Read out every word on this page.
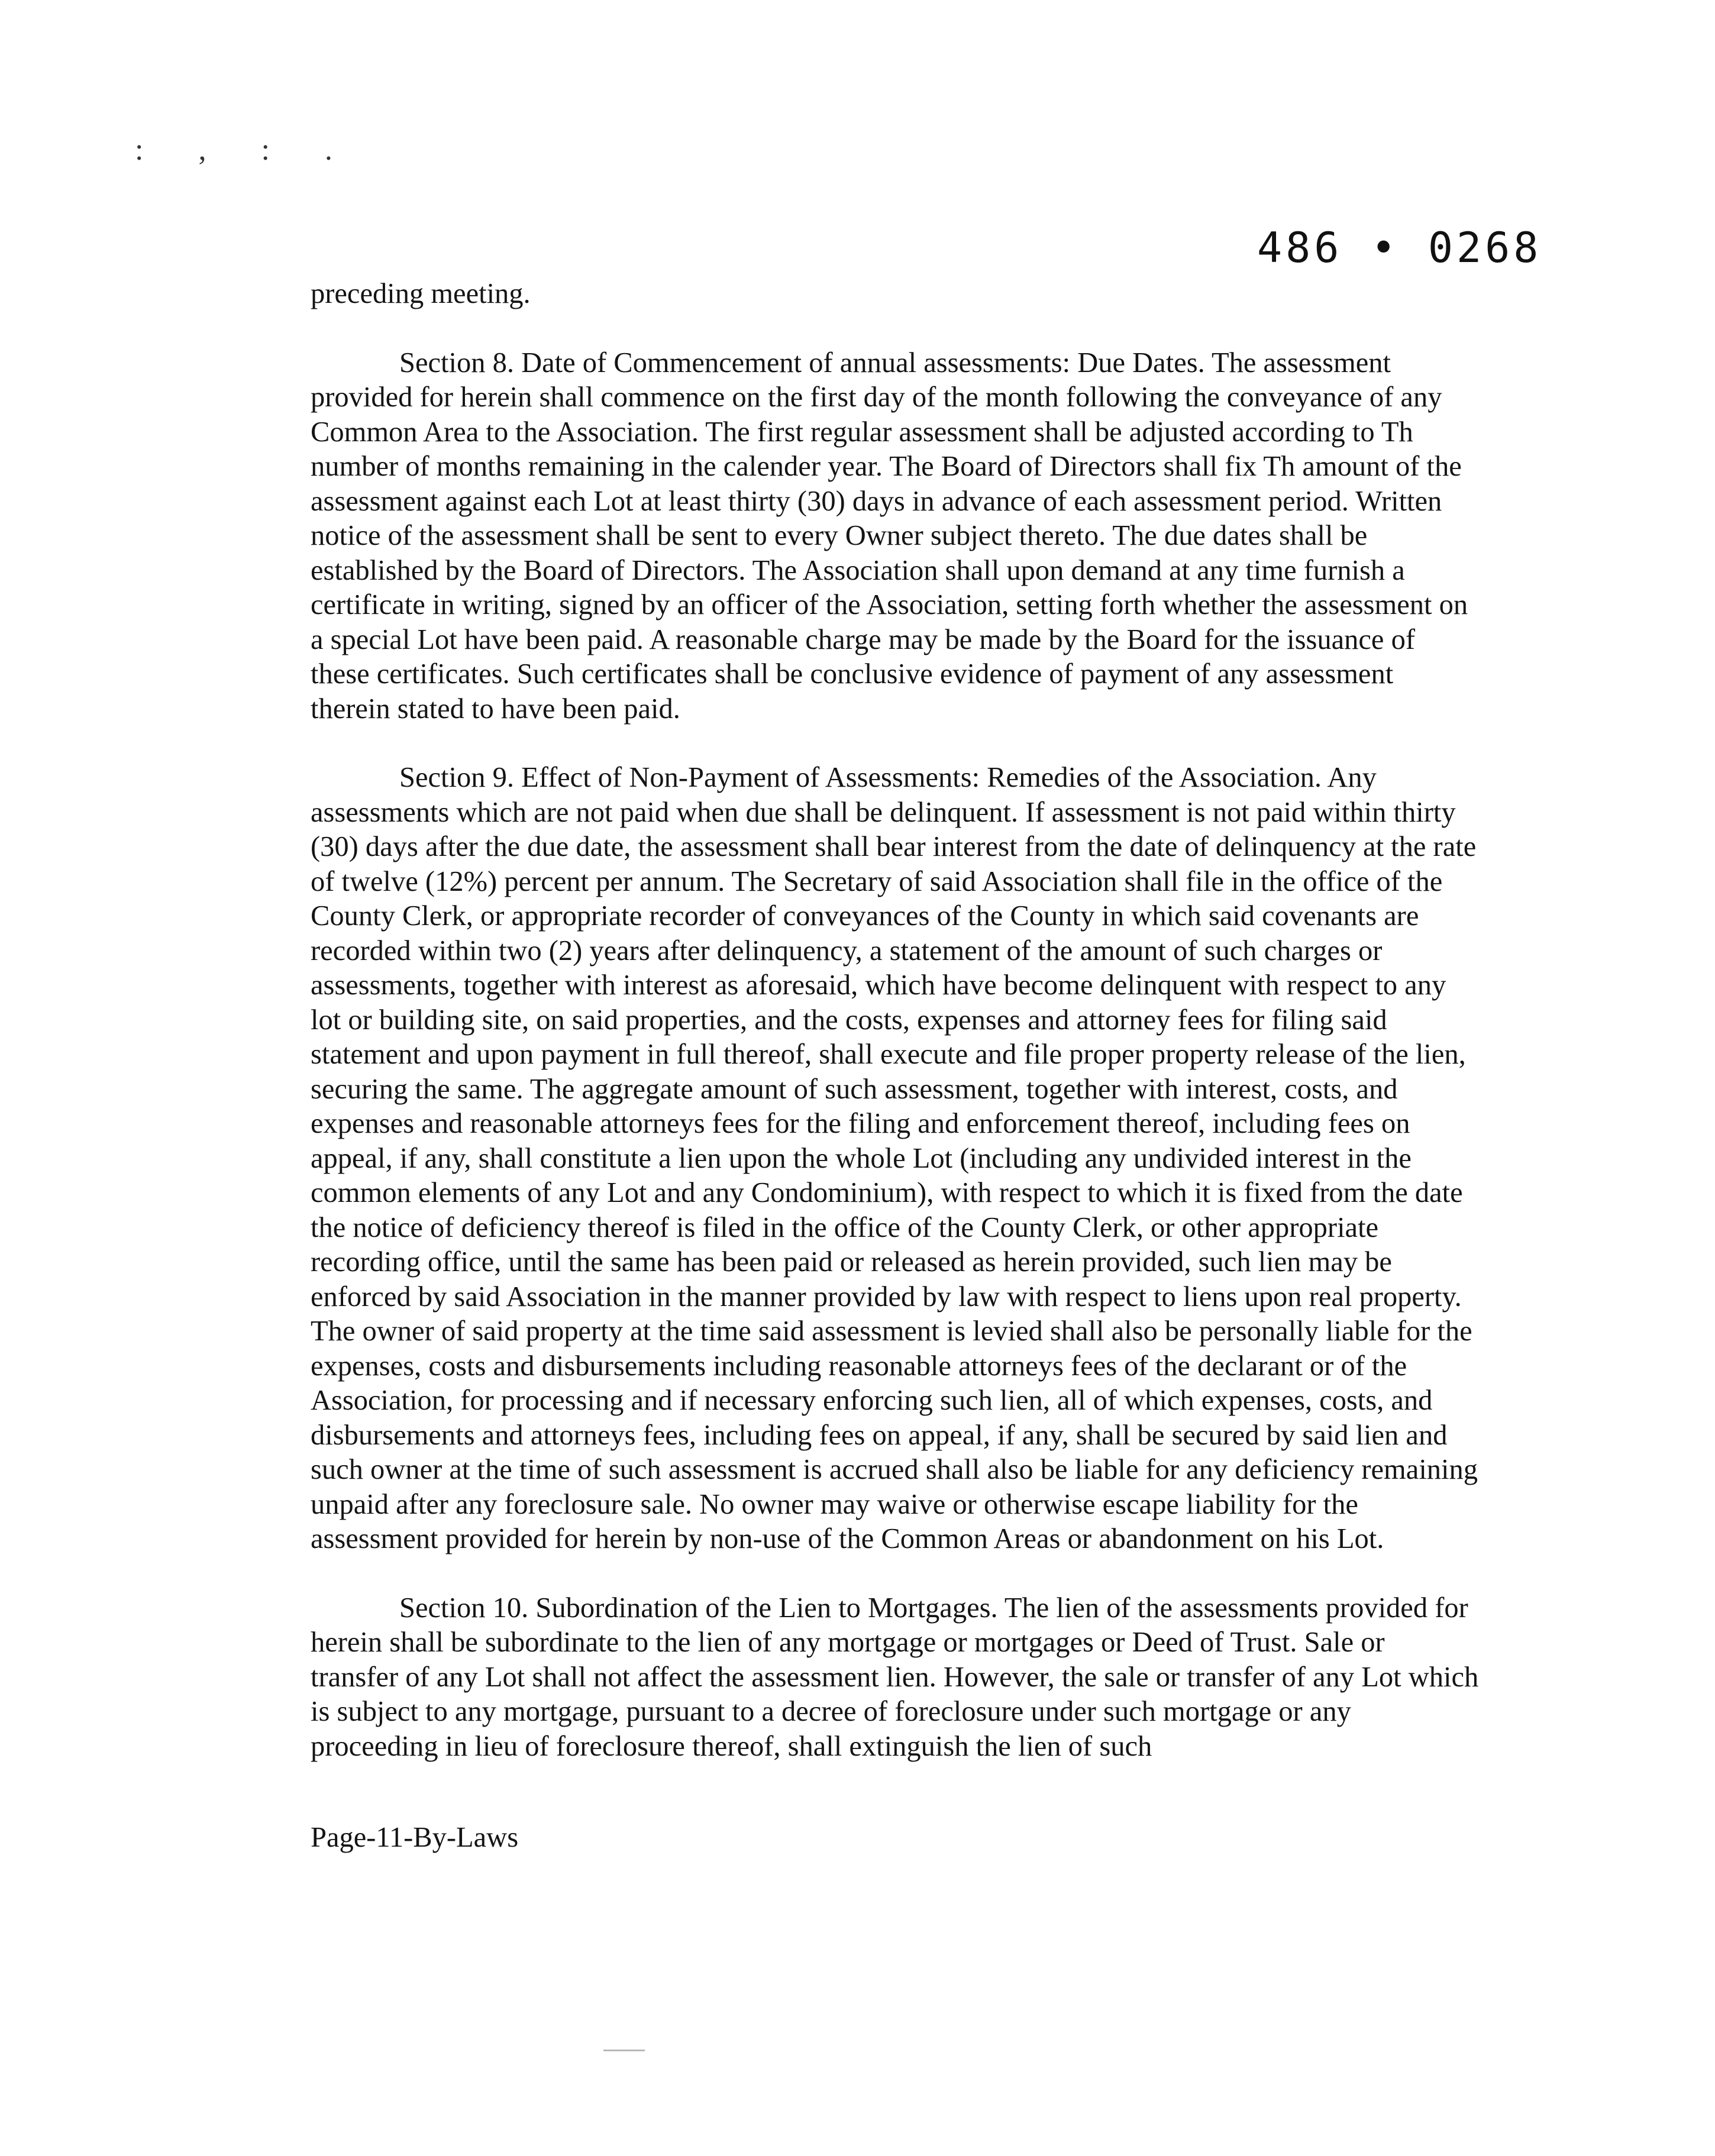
: , : .
486 • 0268

preceding meeting.

Section 8. Date of Commencement of annual assessments: Due Dates. The assessment provided for herein shall commence on the first day of the month following the conveyance of any Common Area to the Association. The first regular assessment shall be adjusted according to Th number of months remaining in the calender year. The Board of Directors shall fix Th amount of the assessment against each Lot at least thirty (30) days in advance of each assessment period. Written notice of the assessment shall be sent to every Owner subject thereto. The due dates shall be established by the Board of Directors. The Association shall upon demand at any time furnish a certificate in writing, signed by an officer of the Association, setting forth whether the assessment on a special Lot have been paid. A reasonable charge may be made by the Board for the issuance of these certificates. Such certificates shall be conclusive evidence of payment of any assessment therein stated to have been paid.

Section 9. Effect of Non-Payment of Assessments: Remedies of the Association. Any assessments which are not paid when due shall be delinquent. If assessment is not paid within thirty (30) days after the due date, the assessment shall bear interest from the date of delinquency at the rate of twelve (12%) percent per annum. The Secretary of said Association shall file in the office of the County Clerk, or appropriate recorder of conveyances of the County in which said covenants are recorded within two (2) years after delinquency, a statement of the amount of such charges or assessments, together with interest as aforesaid, which have become delinquent with respect to any lot or building site, on said properties, and the costs, expenses and attorney fees for filing said statement and upon payment in full thereof, shall execute and file proper property release of the lien, securing the same. The aggregate amount of such assessment, together with interest, costs, and expenses and reasonable attorneys fees for the filing and enforcement thereof, including fees on appeal, if any, shall constitute a lien upon the whole Lot (including any undivided interest in the common elements of any Lot and any Condominium), with respect to which it is fixed from the date the notice of deficiency thereof is filed in the office of the County Clerk, or other appropriate recording office, until the same has been paid or released as herein provided, such lien may be enforced by said Association in the manner provided by law with respect to liens upon real property. The owner of said property at the time said assessment is levied shall also be personally liable for the expenses, costs and disbursements including reasonable attorneys fees of the declarant or of the Association, for processing and if necessary enforcing such lien, all of which expenses, costs, and disbursements and attorneys fees, including fees on appeal, if any, shall be secured by said lien and such owner at the time of such assessment is accrued shall also be liable for any deficiency remaining unpaid after any foreclosure sale. No owner may waive or otherwise escape liability for the assessment provided for herein by non-use of the Common Areas or abandonment on his Lot.

Section 10. Subordination of the Lien to Mortgages. The lien of the assessments provided for herein shall be subordinate to the lien of any mortgage or mortgages or Deed of Trust. Sale or transfer of any Lot shall not affect the assessment lien. However, the sale or transfer of any Lot which is subject to any mortgage, pursuant to a decree of foreclosure under such mortgage or any proceeding in lieu of foreclosure thereof, shall extinguish the lien of such

Page-11-By-Laws
